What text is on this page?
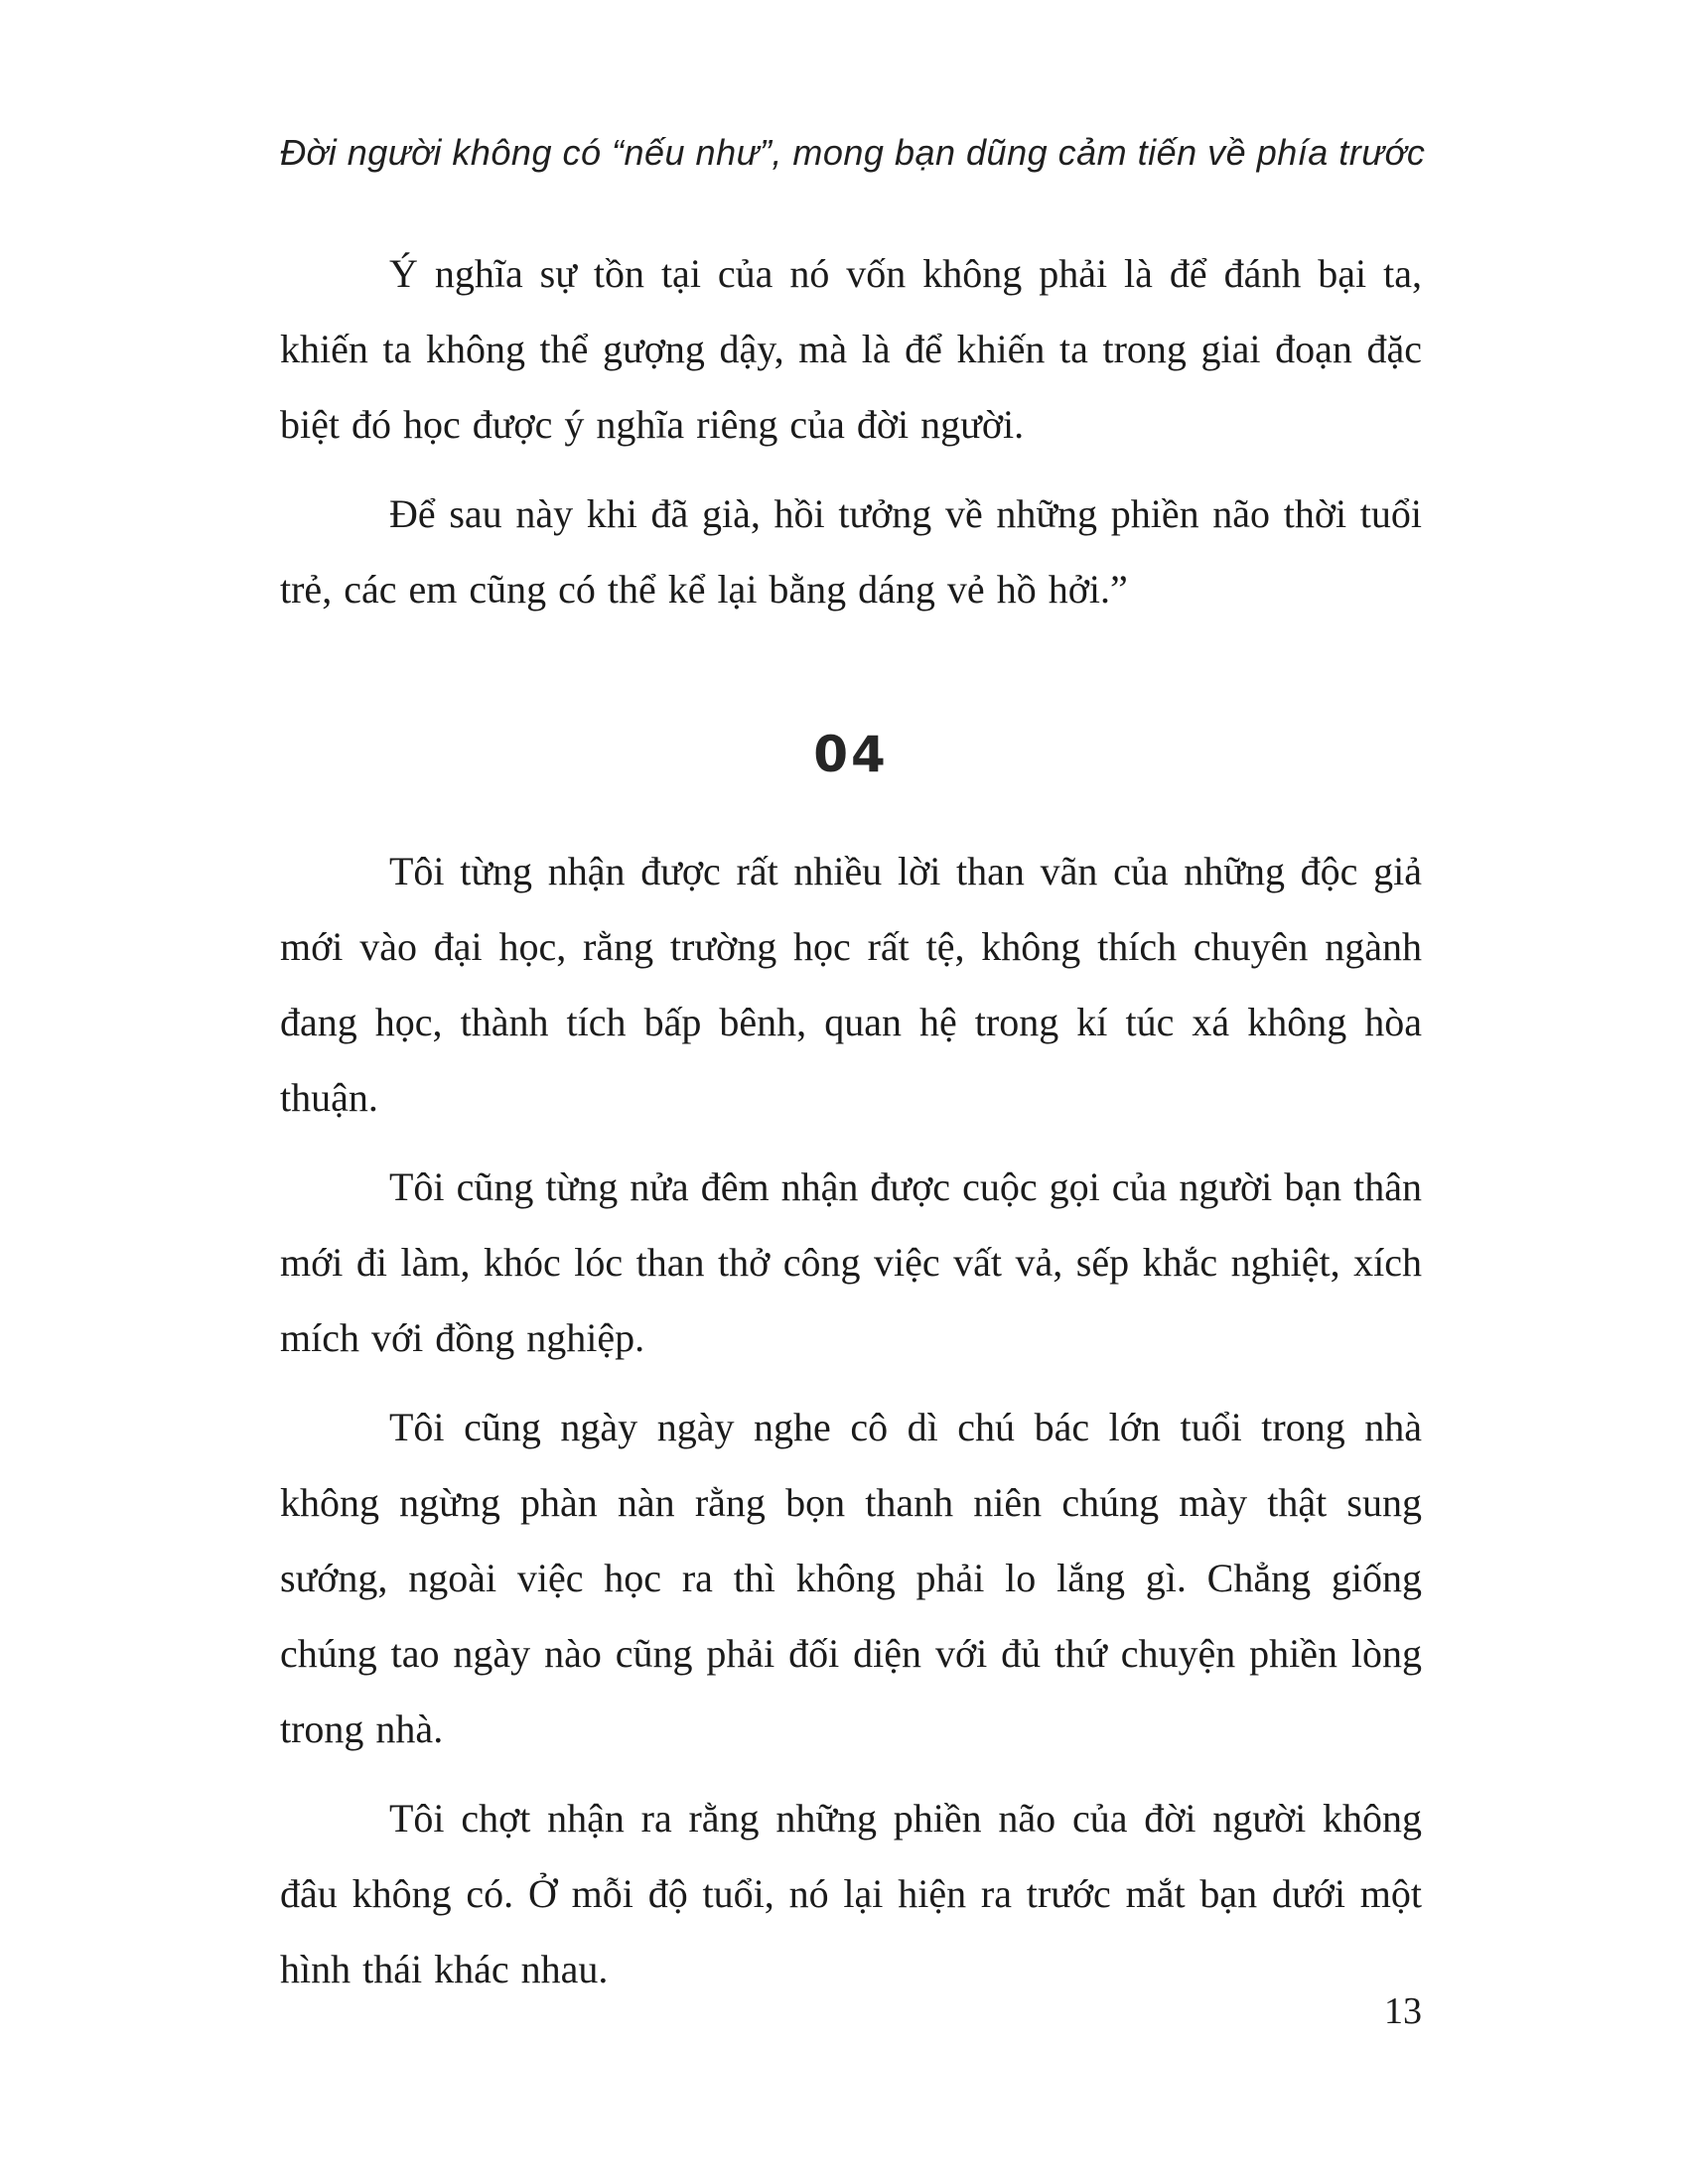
Đời người không có “nếu như”, mong bạn dũng cảm tiến về phía trước

Ý nghĩa sự tồn tại của nó vốn không phải là để đánh bại ta, khiến ta không thể gượng dậy, mà là để khiến ta trong giai đoạn đặc biệt đó học được ý nghĩa riêng của đời người.

Để sau này khi đã già, hồi tưởng về những phiền não thời tuổi trẻ, các em cũng có thể kể lại bằng dáng vẻ hồ hởi.”

04

Tôi từng nhận được rất nhiều lời than vãn của những độc giả mới vào đại học, rằng trường học rất tệ, không thích chuyên ngành đang học, thành tích bấp bênh, quan hệ trong kí túc xá không hòa thuận.

Tôi cũng từng nửa đêm nhận được cuộc gọi của người bạn thân mới đi làm, khóc lóc than thở công việc vất vả, sếp khắc nghiệt, xích mích với đồng nghiệp.

Tôi cũng ngày ngày nghe cô dì chú bác lớn tuổi trong nhà không ngừng phàn nàn rằng bọn thanh niên chúng mày thật sung sướng, ngoài việc học ra thì không phải lo lắng gì. Chẳng giống chúng tao ngày nào cũng phải đối diện với đủ thứ chuyện phiền lòng trong nhà.

Tôi chợt nhận ra rằng những phiền não của đời người không đâu không có. Ở mỗi độ tuổi, nó lại hiện ra trước mắt bạn dưới một hình thái khác nhau.

13
